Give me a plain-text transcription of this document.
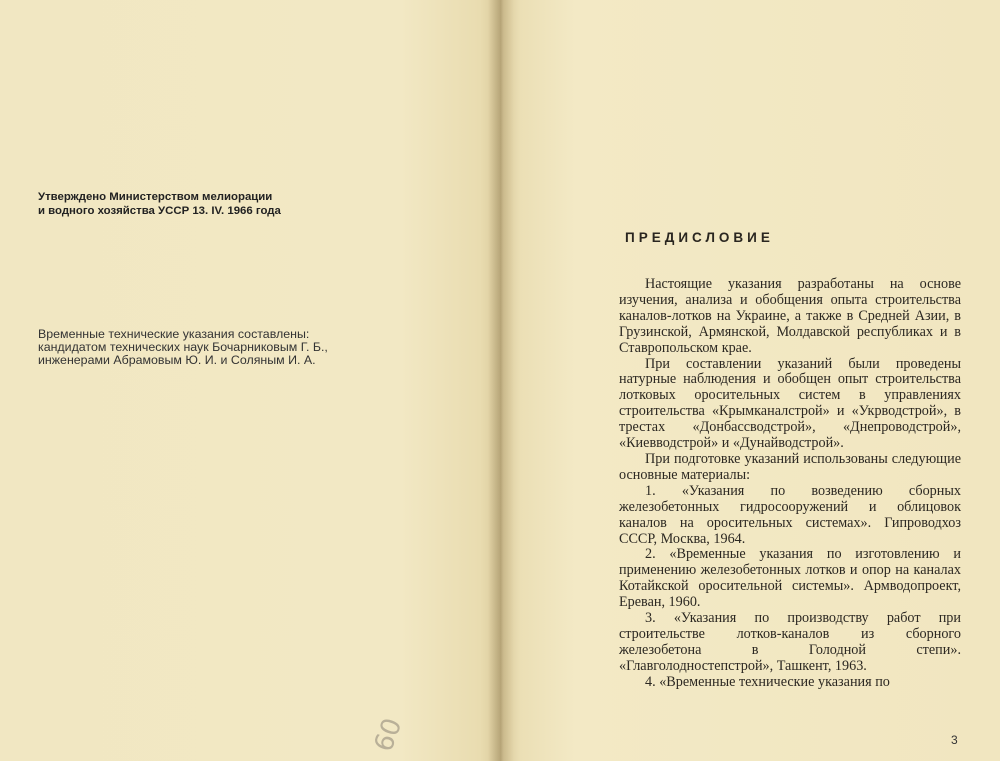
Утверждено Министерством мелиорации
и водного хозяйства УССР 13. IV. 1966 года
Временные технические указания составлены:
кандидатом технических наук Бочарниковым Г. Б.,
инженерами Абрамовым Ю. И. и Соляным И. А.
60
ПРЕДИСЛОВИЕ

Настоящие указания разработаны на основе изучения, анализа и обобщения опыта строительства каналов-лотков на Украине, а также в Средней Азии, в Грузинской, Армянской, Молдавской республиках и в Ставропольском крае.

При составлении указаний были проведены натурные наблюдения и обобщен опыт строительства лотковых оросительных систем в управлениях строительства «Крымканалстрой» и «Укрводстрой», в трестах «Донбассводстрой», «Днепроводстрой», «Киевводстрой» и «Дунайводстрой».

При подготовке указаний использованы следующие основные материалы:

1. «Указания по возведению сборных железобетонных гидросооружений и облицовок каналов на оросительных системах». Гипроводхоз СССР, Москва, 1964.

2. «Временные указания по изготовлению и применению железобетонных лотков и опор на каналах Котайкской оросительной системы». Армводопроект, Ереван, 1960.

3. «Указания по производству работ при строительстве лотков-каналов из сборного железобетона в Голодной степи». «Главголодностепстрой», Ташкент, 1963.

4. «Временные технические указания по

3
